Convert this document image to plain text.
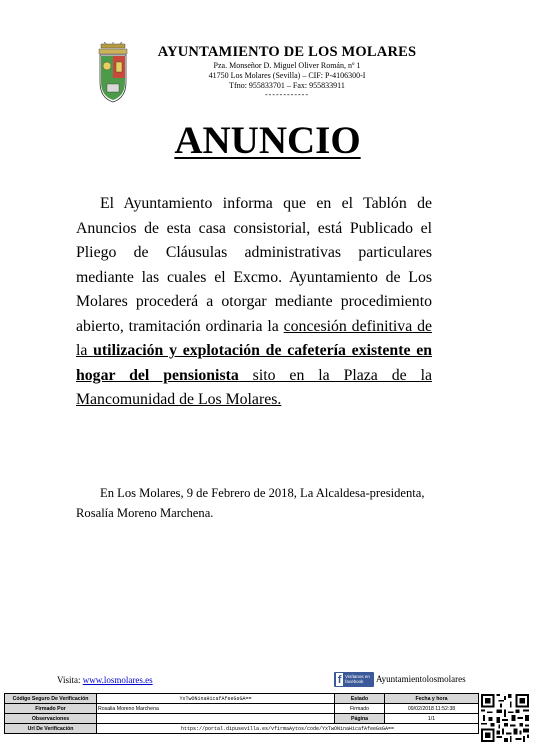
AYUNTAMIENTO DE LOS MOLARES
Pza. Monseñor D. Miguel Oliver Román, nº 1
41750 Los Molares (Sevilla) – CIF: P-4106300-I
Tfno: 955833701 – Fax: 955833911
------------
ANUNCIO
El Ayuntamiento informa que en el Tablón de Anuncios de esta casa consistorial, está Publicado el Pliego de Cláusulas administrativas particulares mediante las cuales el Excmo. Ayuntamiento de Los Molares procederá a otorgar mediante procedimiento abierto, tramitación ordinaria la concesión definitiva de la utilización y explotación de cafetería existente en hogar del pensionista sito en la Plaza de la Mancomunidad de Los Molares.
En Los Molares, 9 de Febrero de 2018, La Alcaldesa-presidenta, Rosalía Moreno Marchena.
Visita: www.losmolares.es	f Visítanos en facebook	Ayuntamientolosmolares
Código Seguro De Verificación	YxTwONinaHicafAfeeGsGA==	Estado	Fecha y hora
Firmado Por	Rosalia Moreno Marchena	Firmado	09/02/2018 11:52:38
Observaciones		Página	1/1
Url De Verificación	https://portal.dipusevilla.es/vfirmaAytos/code/YxTwONinaHicafAfeeGsGA==		
